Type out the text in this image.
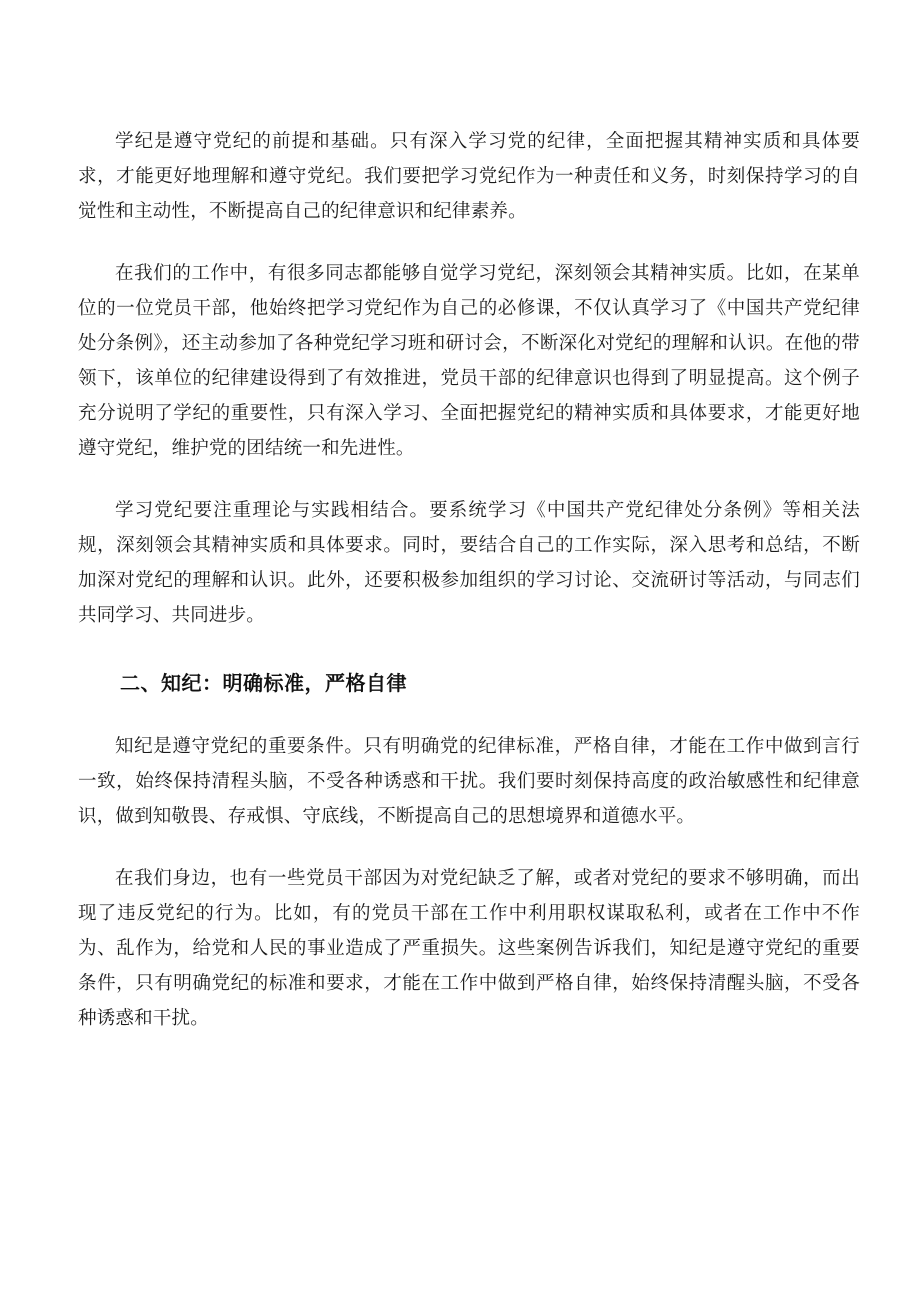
学纪是遵守党纪的前提和基础。只有深入学习党的纪律，全面把握其精神实质和具体要求，才能更好地理解和遵守党纪。我们要把学习党纪作为一种责任和义务，时刻保持学习的自觉性和主动性，不断提高自己的纪律意识和纪律素养。

在我们的工作中，有很多同志都能够自觉学习党纪，深刻领会其精神实质。比如，在某单位的一位党员干部，他始终把学习党纪作为自己的必修课，不仅认真学习了《中国共产党纪律处分条例》，还主动参加了各种党纪学习班和研讨会，不断深化对党纪的理解和认识。在他的带领下，该单位的纪律建设得到了有效推进，党员干部的纪律意识也得到了明显提高。这个例子充分说明了学纪的重要性，只有深入学习、全面把握党纪的精神实质和具体要求，才能更好地遵守党纪，维护党的团结统一和先进性。

学习党纪要注重理论与实践相结合。要系统学习《中国共产党纪律处分条例》等相关法规，深刻领会其精神实质和具体要求。同时，要结合自己的工作实际，深入思考和总结，不断加深对党纪的理解和认识。此外，还要积极参加组织的学习讨论、交流研讨等活动，与同志们共同学习、共同进步。

二、知纪：明确标准，严格自律

知纪是遵守党纪的重要条件。只有明确党的纪律标准，严格自律，才能在工作中做到言行一致，始终保持清程头脑，不受各种诱惑和干扰。我们要时刻保持高度的政治敏感性和纪律意识，做到知敬畏、存戒惧、守底线，不断提高自己的思想境界和道德水平。

在我们身边，也有一些党员干部因为对党纪缺乏了解，或者对党纪的要求不够明确，而出现了违反党纪的行为。比如，有的党员干部在工作中利用职权谋取私利，或者在工作中不作为、乱作为，给党和人民的事业造成了严重损失。这些案例告诉我们，知纪是遵守党纪的重要条件，只有明确党纪的标准和要求，才能在工作中做到严格自律，始终保持清醒头脑，不受各种诱惑和干扰。
